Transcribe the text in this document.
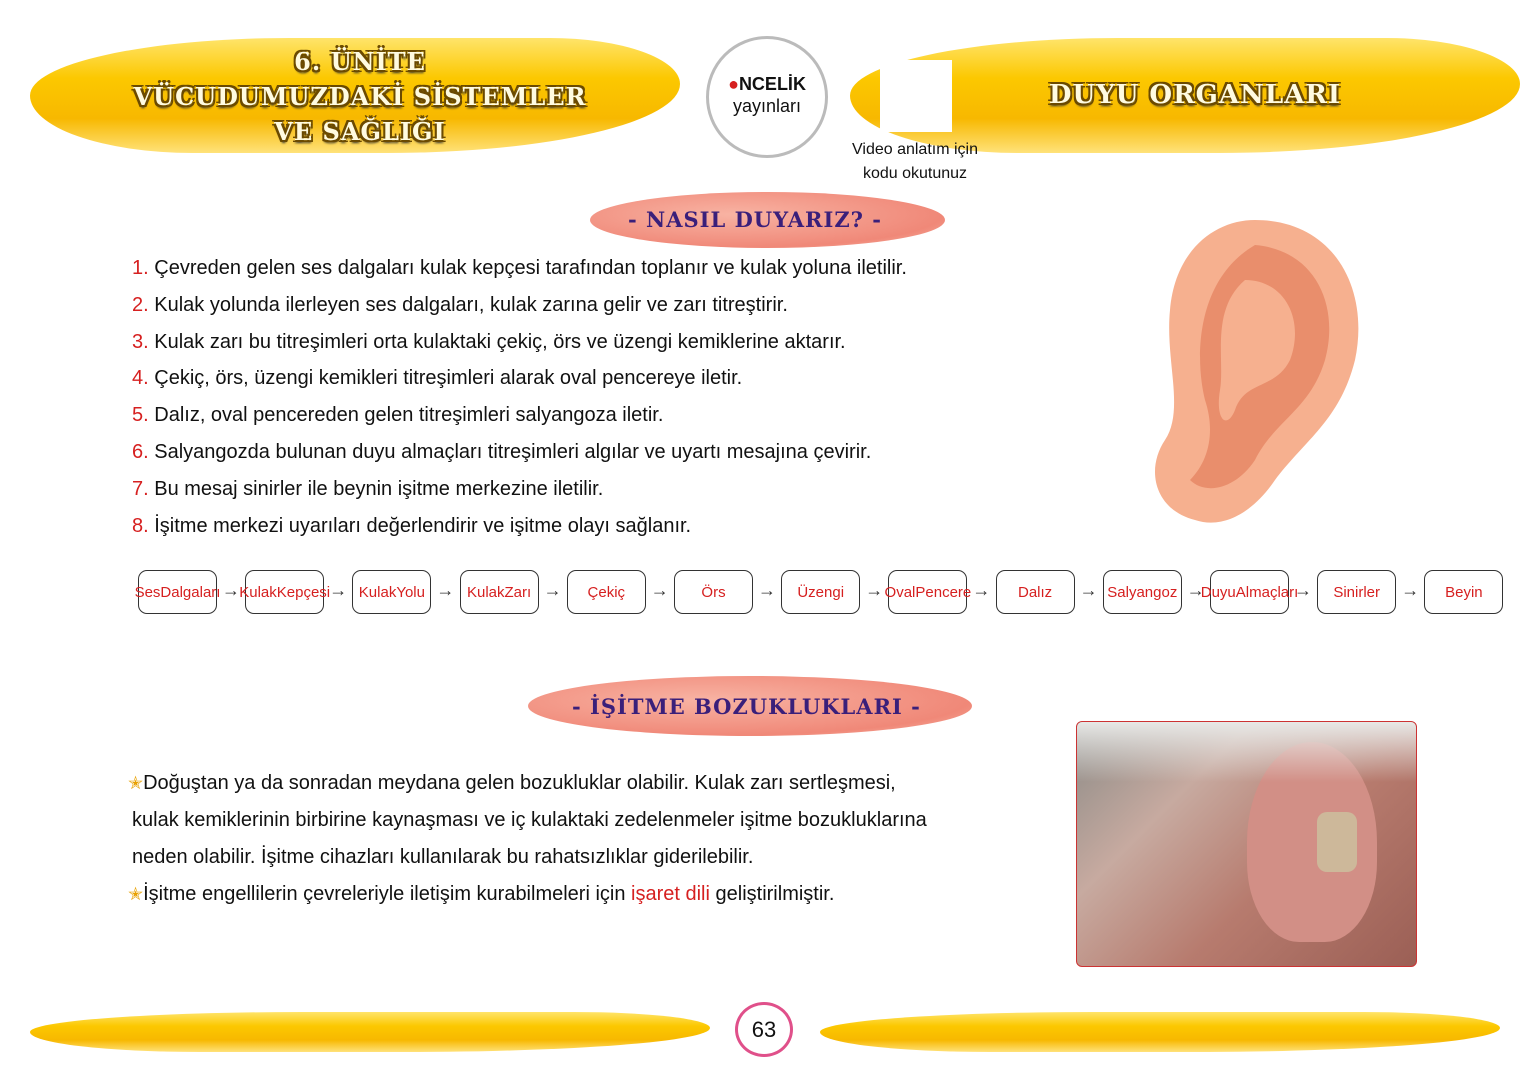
6. ÜNİTE
VÜCUDUMUZDAKİ SİSTEMLER
VE SAĞLIĞI
DUYU ORGANLARI
●NCELİK
yayınları
Video anlatım için
kodu okutunuz
- NASIL DUYARIZ? -
1. Çevreden gelen ses dalgaları kulak kepçesi tarafından toplanır ve kulak yoluna iletilir.
2. Kulak yolunda ilerleyen ses dalgaları, kulak zarına gelir ve zarı titreştirir.
3. Kulak zarı bu titreşimleri orta kulaktaki çekiç, örs ve üzengi kemiklerine aktarır.
4. Çekiç, örs, üzengi kemikleri titreşimleri alarak oval pencereye iletir.
5. Dalız, oval pencereden gelen titreşimleri salyangoza iletir.
6. Salyangozda bulunan duyu almaçları titreşimleri algılar ve uyartı mesajına çevirir.
7. Bu mesaj sinirler ile beynin işitme merkezine iletilir.
8. İşitme merkezi uyarıları değerlendirir ve işitme olayı sağlanır.
Ses Dalgaları → Kulak Kepçesi → Kulak Yolu → Kulak Zarı → Çekiç → Örs → Üzengi → Oval Pencere → Dalız → Salyangoz →
Duyu Almaçları
→ Sinirler → Beyin
- İŞİTME BOZUKLUKLARI -
✭Doğuştan ya da sonradan meydana gelen bozukluklar olabilir. Kulak zarı sertleşmesi,
kulak kemiklerinin birbirine kaynaşması ve iç kulaktaki zedelenmeler işitme bozukluklarına
neden olabilir. İşitme cihazları kullanılarak bu rahatsızlıklar giderilebilir.
✭İşitme engellilerin çevreleriyle iletişim kurabilmeleri için işaret dili geliştirilmiştir.
63
